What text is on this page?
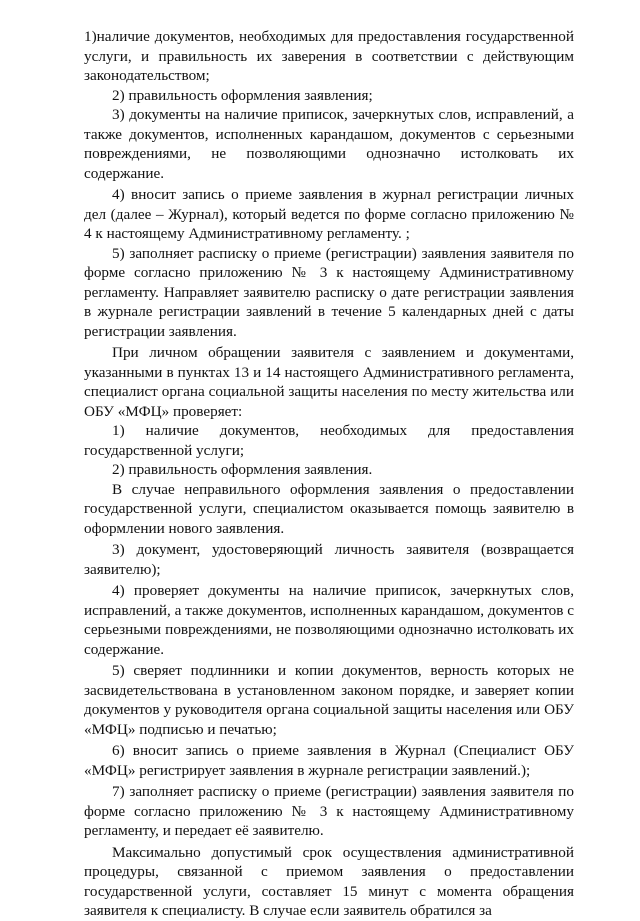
1)наличие документов, необходимых для предоставления государственной услуги, и правильность их заверения в соответствии с действующим законодательством;

2) правильность оформления заявления;

3) документы на наличие приписок, зачеркнутых слов, исправлений, а также документов, исполненных карандашом, документов с серьезными повреждениями, не позволяющими однозначно истолковать их содержание.

4) вносит запись о приеме заявления в журнал регистрации личных дел (далее – Журнал), который ведется по форме согласно приложению № 4 к настоящему Административному регламенту. ;

5) заполняет расписку о приеме (регистрации) заявления заявителя по форме согласно приложению № 3 к настоящему Административному регламенту. Направляет заявителю расписку о дате регистрации заявления в журнале регистрации заявлений в течение 5 календарных дней с даты регистрации заявления.

При личном обращении заявителя с заявлением и документами, указанными в пунктах 13 и 14 настоящего Административного регламента, специалист органа социальной защиты населения по месту жительства или ОБУ «МФЦ» проверяет:

1) наличие документов, необходимых для предоставления государственной услуги;

2) правильность оформления заявления.

В случае неправильного оформления заявления о предоставлении государственной услуги, специалистом оказывается помощь заявителю в оформлении нового заявления.

3) документ, удостоверяющий личность заявителя (возвращается заявителю);

4) проверяет документы на наличие приписок, зачеркнутых слов, исправлений, а также документов, исполненных карандашом, документов с серьезными повреждениями, не позволяющими однозначно истолковать их содержание.

5) сверяет подлинники и копии документов, верность которых не засвидетельствована в установленном законом порядке, и заверяет копии документов у руководителя органа социальной защиты населения или ОБУ «МФЦ» подписью и печатью;

6) вносит запись о приеме заявления в Журнал (Специалист ОБУ «МФЦ» регистрирует заявления в журнале регистрации заявлений.);

7) заполняет расписку о приеме (регистрации) заявления заявителя по форме согласно приложению № 3 к настоящему Административному регламенту, и передает её заявителю.

Максимально допустимый срок осуществления административной процедуры, связанной с приемом заявления о предоставлении государственной услуги, составляет 15 минут с момента обращения заявителя к специалисту. В случае если заявитель обратился за
